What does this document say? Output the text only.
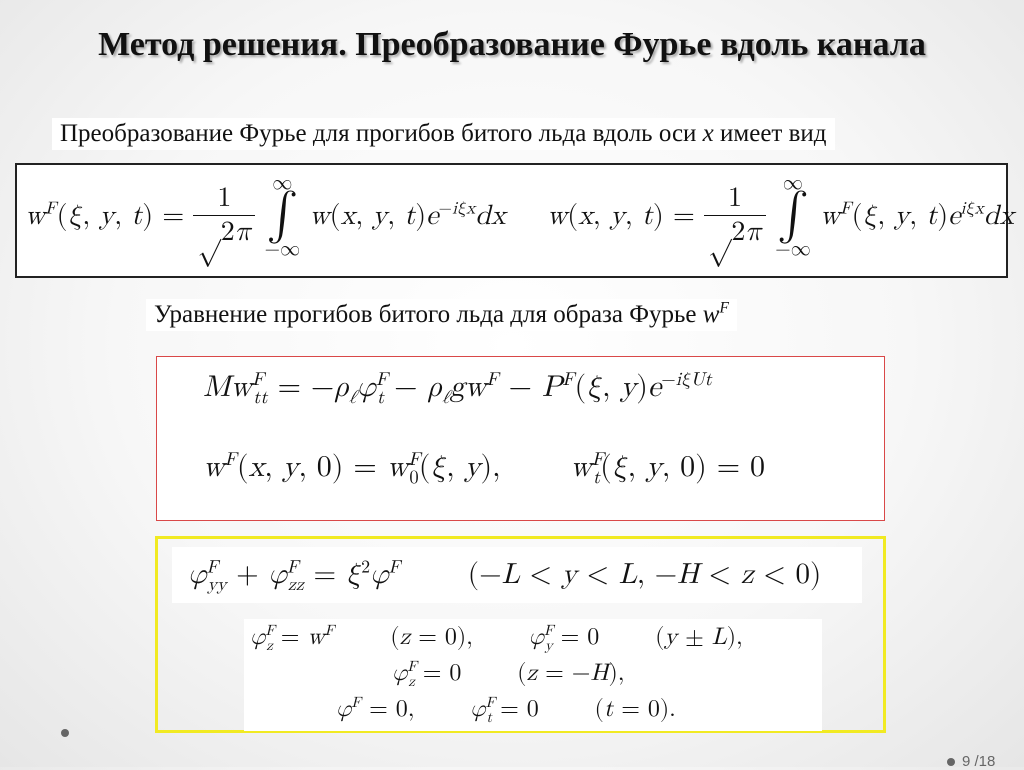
Метод решения. Преобразование Фурье вдоль канала
Преобразование Фурье для прогибов битого льда вдоль оси x имеет вид
$w^F(\xi$, y, $t) = \frac{1}{√2\pi}$
∞
∫
−∞
w(x, y, $t)e^{-i\xi x}dx$ w(x, y, $t) = \frac{1}{√2\pi}$
∞
∫
−∞
$w^F(\xi$, y, $t)e^{i\xi x}dx$
Уравнение прогибов битого льда для образа Фурье $w^F$
$Mw^F_{tt} = -\rho_\ell\varphi^F_t - \rho_\ell gw^F - P^F(\xi$, $y)e^{-i\xi Ut}$
$w^F(x$, y, $0) = w^F_0(\xi$, y),       $w^F_t(\xi$, y, 0) = 0
$\varphi^F_{yy} + \varphi^F_{zz} = \xi^2\varphi^F$       (−L < y < L, −H < z < 0)
$\varphi^F_z = w^F$       (z = 0),       $\varphi^F_y = 0$       (y ± L),
$\varphi^F_z = 0$       (z = −H),
$\varphi^F = 0$,       $\varphi^F_t = 0$       (t = 0).
9 /18
